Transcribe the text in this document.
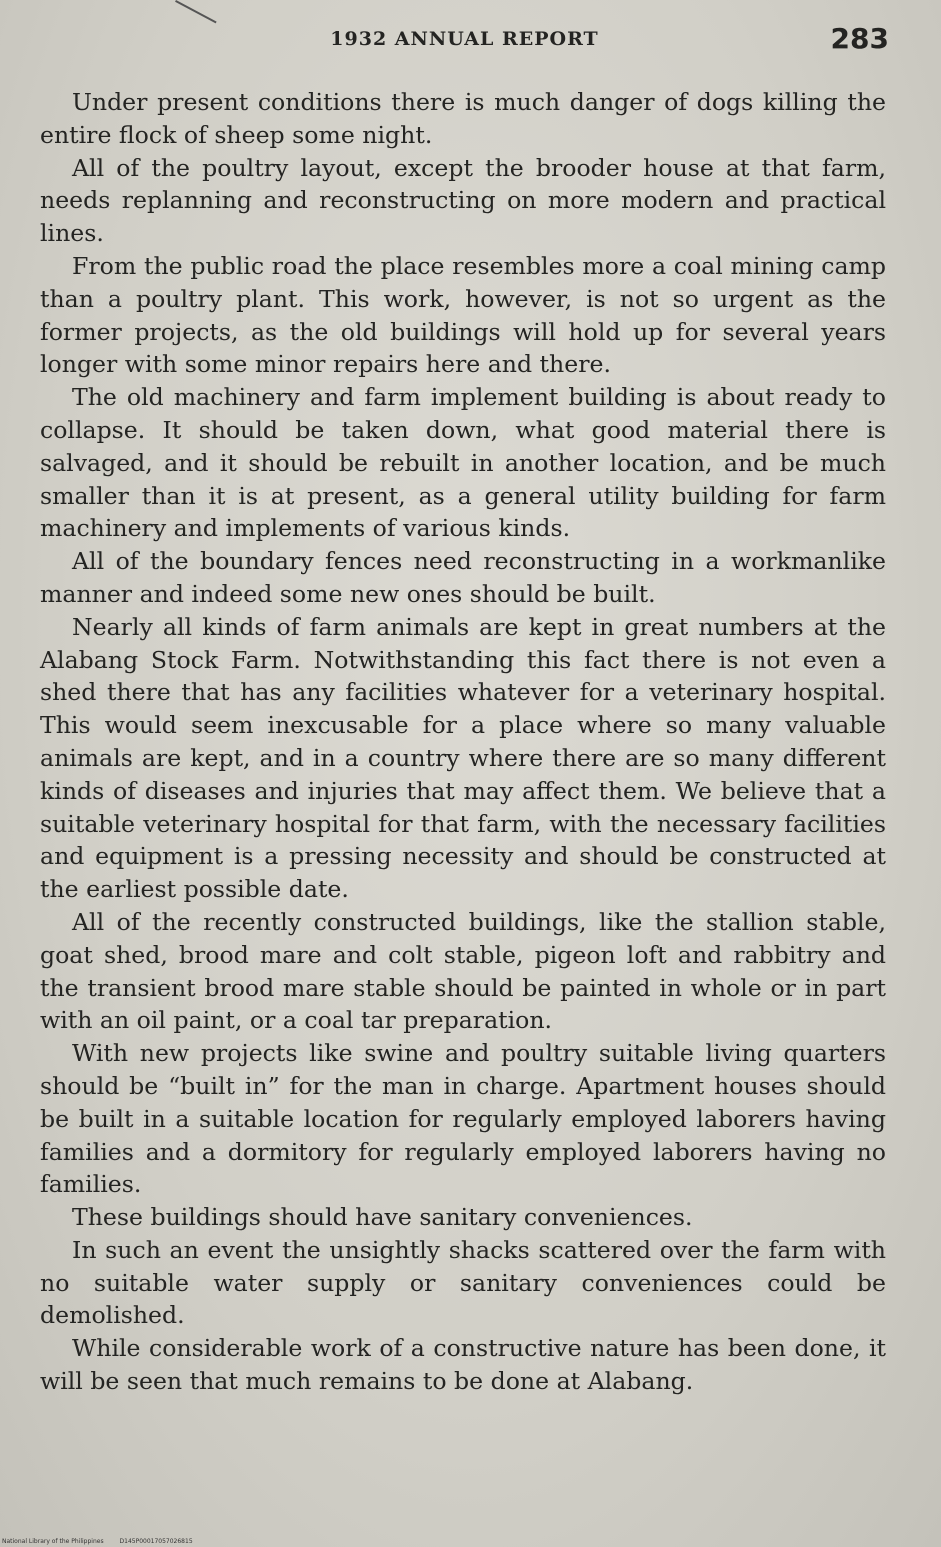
1932 ANNUAL REPORT	283

Under present conditions there is much danger of dogs killing the entire flock of sheep some night.

All of the poultry layout, except the brooder house at that farm, needs replanning and reconstructing on more modern and practical lines.

From the public road the place resembles more a coal mining camp than a poultry plant. This work, however, is not so urgent as the former projects, as the old buildings will hold up for several years longer with some minor repairs here and there.

The old machinery and farm implement building is about ready to collapse. It should be taken down, what good material there is salvaged, and it should be rebuilt in another location, and be much smaller than it is at present, as a general utility building for farm machinery and implements of various kinds.

All of the boundary fences need reconstructing in a workmanlike manner and indeed some new ones should be built.

Nearly all kinds of farm animals are kept in great numbers at the Alabang Stock Farm. Notwithstanding this fact there is not even a shed there that has any facilities whatever for a veterinary hospital. This would seem inexcusable for a place where so many valuable animals are kept, and in a country where there are so many different kinds of diseases and injuries that may affect them. We believe that a suitable veterinary hospital for that farm, with the necessary facilities and equipment is a pressing necessity and should be constructed at the earliest possible date.

All of the recently constructed buildings, like the stallion stable, goat shed, brood mare and colt stable, pigeon loft and rabbitry and the transient brood mare stable should be painted in whole or in part with an oil paint, or a coal tar preparation.

With new projects like swine and poultry suitable living quarters should be “built in” for the man in charge. Apartment houses should be built in a suitable location for regularly employed laborers having families and a dormitory for regularly employed laborers having no families.

These buildings should have sanitary conveniences.

In such an event the unsightly shacks scattered over the farm with no suitable water supply or sanitary conveniences could be demolished.

While considerable work of a constructive nature has been done, it will be seen that much remains to be done at Alabang.

National Library of the Philippines	D145P00017057026815
